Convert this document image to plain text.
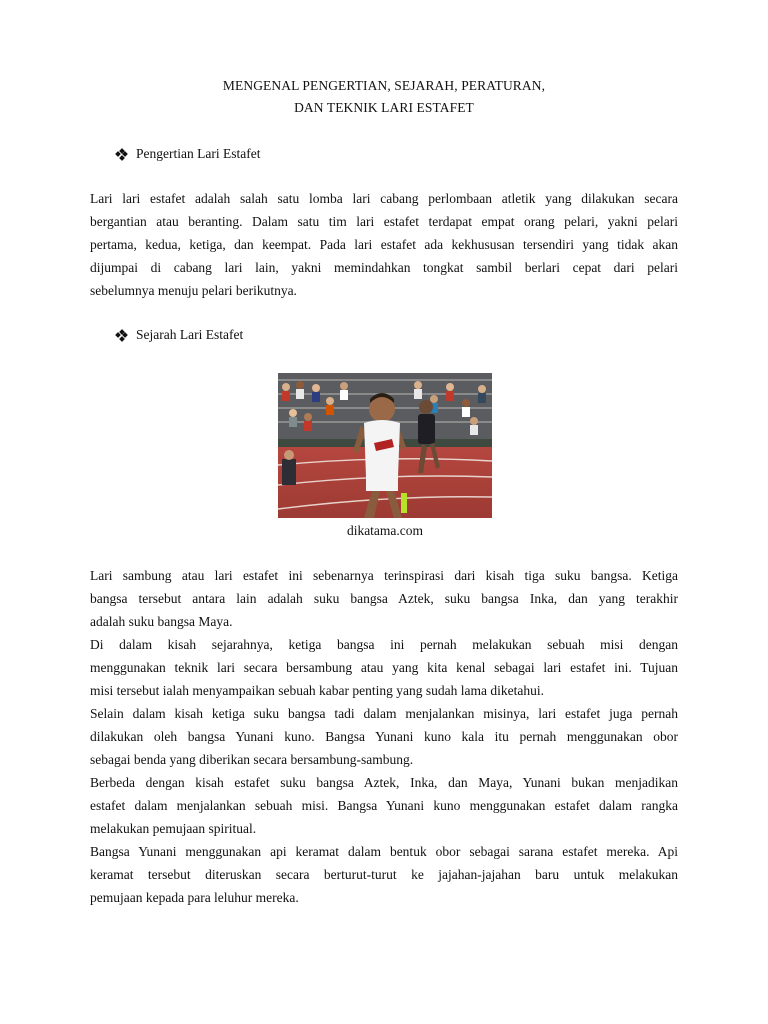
MENGENAL PENGERTIAN, SEJARAH, PERATURAN,
DAN TEKNIK LARI ESTAFET
Pengertian Lari Estafet
Lari lari estafet adalah salah satu lomba lari cabang perlombaan atletik yang dilakukan secara
bergantian atau beranting. Dalam satu tim lari estafet terdapat empat orang pelari, yakni pelari
pertama, kedua, ketiga, dan keempat. Pada lari estafet ada kekhususan tersendiri yang tidak akan
dijumpai di cabang lari lain, yakni memindahkan tongkat sambil berlari cepat dari pelari
sebelumnya menuju pelari berikutnya.
Sejarah Lari Estafet
dikatama.com
Lari sambung atau lari estafet ini sebenarnya terinspirasi dari kisah tiga suku bangsa. Ketiga
bangsa tersebut antara lain adalah suku bangsa Aztek, suku bangsa Inka, dan yang terakhir
adalah suku bangsa Maya.
Di dalam kisah sejarahnya, ketiga bangsa ini pernah melakukan sebuah misi dengan
menggunakan teknik lari secara bersambung atau yang kita kenal sebagai lari estafet ini. Tujuan
misi tersebut ialah menyampaikan sebuah kabar penting yang sudah lama diketahui.
Selain dalam kisah ketiga suku bangsa tadi dalam menjalankan misinya, lari estafet juga pernah
dilakukan oleh bangsa Yunani kuno. Bangsa Yunani kuno kala itu pernah menggunakan obor
sebagai benda yang diberikan secara bersambung-sambung.
Berbeda dengan kisah estafet suku bangsa Aztek, Inka, dan Maya, Yunani bukan menjadikan
estafet dalam menjalankan sebuah misi. Bangsa Yunani kuno menggunakan estafet dalam rangka
melakukan pemujaan spiritual.
Bangsa Yunani menggunakan api keramat dalam bentuk obor sebagai sarana estafet mereka. Api
keramat tersebut diteruskan secara berturut-turut ke jajahan-jajahan baru untuk melakukan
pemujaan kepada para leluhur mereka.
